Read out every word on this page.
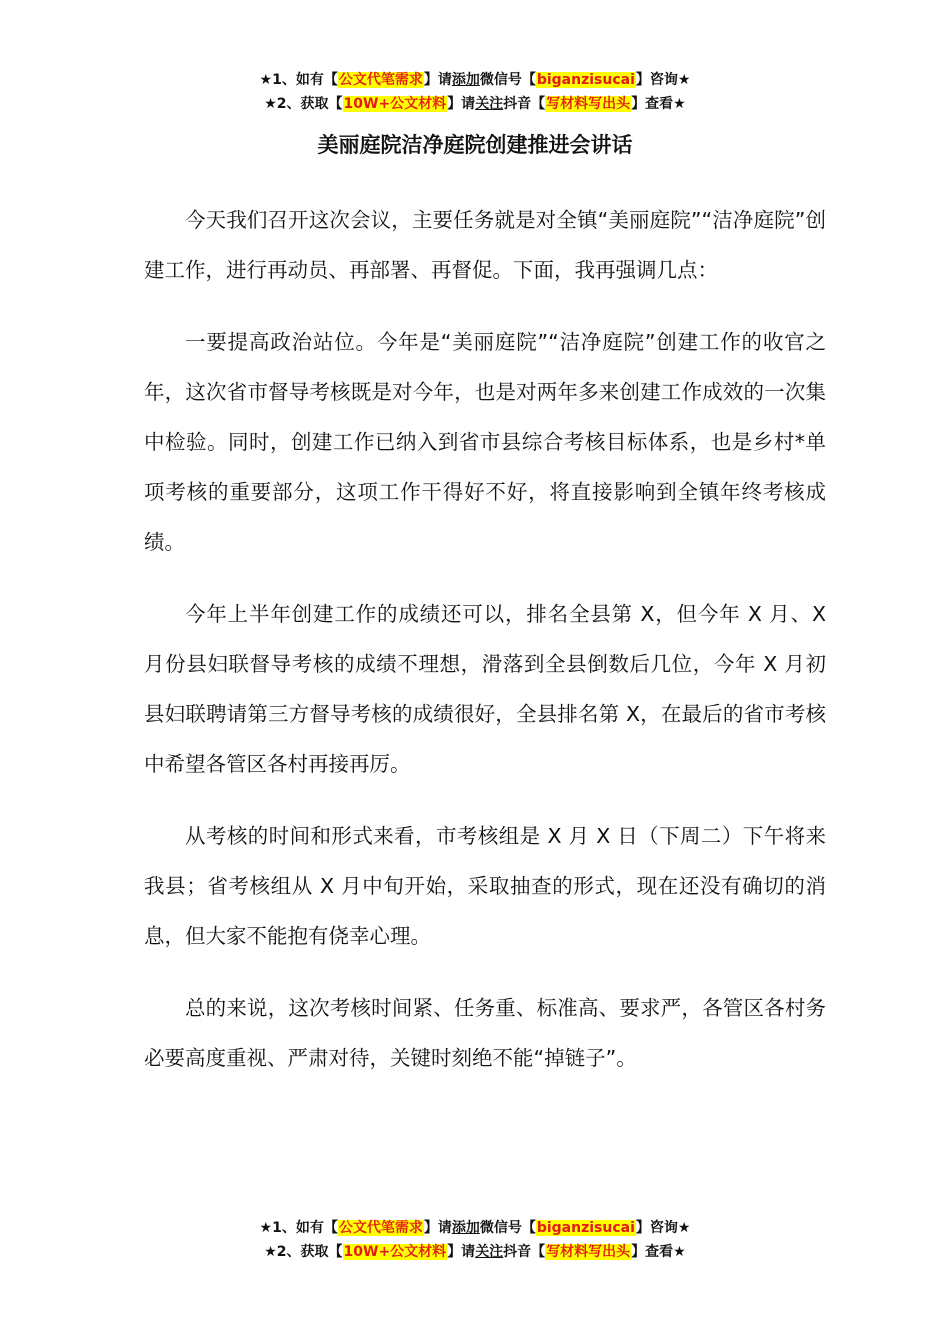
★1、如有【公文代笔需求】请添加微信号【biganzisucai】咨询★
★2、获取【10W+公文材料】请关注抖音【写材料写出头】查看★
美丽庭院洁净庭院创建推进会讲话

今天我们召开这次会议，主要任务就是对全镇“美丽庭院”“洁净庭院”创建工作，进行再动员、再部署、再督促。下面，我再强调几点：

一要提高政治站位。今年是“美丽庭院”“洁净庭院”创建工作的收官之年，这次省市督导考核既是对今年，也是对两年多来创建工作成效的一次集中检验。同时，创建工作已纳入到省市县综合考核目标体系，也是乡村*单项考核的重要部分，这项工作干得好不好，将直接影响到全镇年终考核成绩。

今年上半年创建工作的成绩还可以，排名全县第 X，但今年 X 月、X 月份县妇联督导考核的成绩不理想，滑落到全县倒数后几位，今年 X 月初县妇联聘请第三方督导考核的成绩很好，全县排名第 X，在最后的省市考核中希望各管区各村再接再厉。

从考核的时间和形式来看，市考核组是 X 月 X 日（下周二）下午将来我县；省考核组从 X 月中旬开始，采取抽查的形式，现在还没有确切的消息，但大家不能抱有侥幸心理。

总的来说，这次考核时间紧、任务重、标准高、要求严，各管区各村务必要高度重视、严肃对待，关键时刻绝不能“掉链子”。

★1、如有【公文代笔需求】请添加微信号【biganzisucai】咨询★
★2、获取【10W+公文材料】请关注抖音【写材料写出头】查看★
